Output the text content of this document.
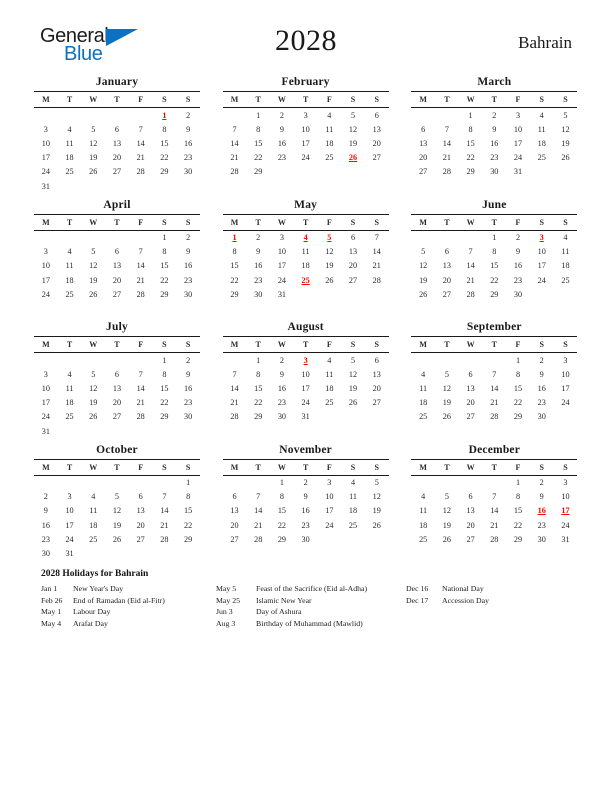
General
Blue	2028	Bahrain
January
M	T	W	T	F	S	S
					1	2
3	4	5	6	7	8	9
10	11	12	13	14	15	16
17	18	19	20	21	22	23
24	25	26	27	28	29	30
31						
February
M	T	W	T	F	S	S
	1	2	3	4	5	6
7	8	9	10	11	12	13
14	15	16	17	18	19	20
21	22	23	24	25	26	27
28	29					

March
M	T	W	T	F	S	S
		1	2	3	4	5
6	7	8	9	10	11	12
13	14	15	16	17	18	19
20	21	22	23	24	25	26
27	28	29	30	31		

April
M	T	W	T	F	S	S
					1	2
3	4	5	6	7	8	9
10	11	12	13	14	15	16
17	18	19	20	21	22	23
24	25	26	27	28	29	30

May
M	T	W	T	F	S	S
1	2	3	4	5	6	7
8	9	10	11	12	13	14
15	16	17	18	19	20	21
22	23	24	25	26	27	28
29	30	31				

June
M	T	W	T	F	S	S
			1	2	3	4
5	6	7	8	9	10	11
12	13	14	15	16	17	18
19	20	21	22	23	24	25
26	27	28	29	30		

July
M	T	W	T	F	S	S
					1	2
3	4	5	6	7	8	9
10	11	12	13	14	15	16
17	18	19	20	21	22	23
24	25	26	27	28	29	30
31						
August
M	T	W	T	F	S	S
	1	2	3	4	5	6
7	8	9	10	11	12	13
14	15	16	17	18	19	20
21	22	23	24	25	26	27
28	29	30	31			

September
M	T	W	T	F	S	S
				1	2	3
4	5	6	7	8	9	10
11	12	13	14	15	16	17
18	19	20	21	22	23	24
25	26	27	28	29	30	

October
M	T	W	T	F	S	S
						1
2	3	4	5	6	7	8
9	10	11	12	13	14	15
16	17	18	19	20	21	22
23	24	25	26	27	28	29
30	31					
November
M	T	W	T	F	S	S
		1	2	3	4	5
6	7	8	9	10	11	12
13	14	15	16	17	18	19
20	21	22	23	24	25	26
27	28	29	30			

December
M	T	W	T	F	S	S
				1	2	3
4	5	6	7	8	9	10
11	12	13	14	15	16	17
18	19	20	21	22	23	24
25	26	27	28	29	30	31

2028 Holidays for Bahrain
Jan 1	New Year's Day
Feb 26	End of Ramadan (Eid al-Fitr)
May 1	Labour Day
May 4	Arafat Day
May 5	Feast of the Sacrifice (Eid al-Adha)
May 25	Islamic New Year
Jun 3	Day of Ashura
Aug 3	Birthday of Muhammad (Mawlid)
Dec 16	National Day
Dec 17	Accession Day
